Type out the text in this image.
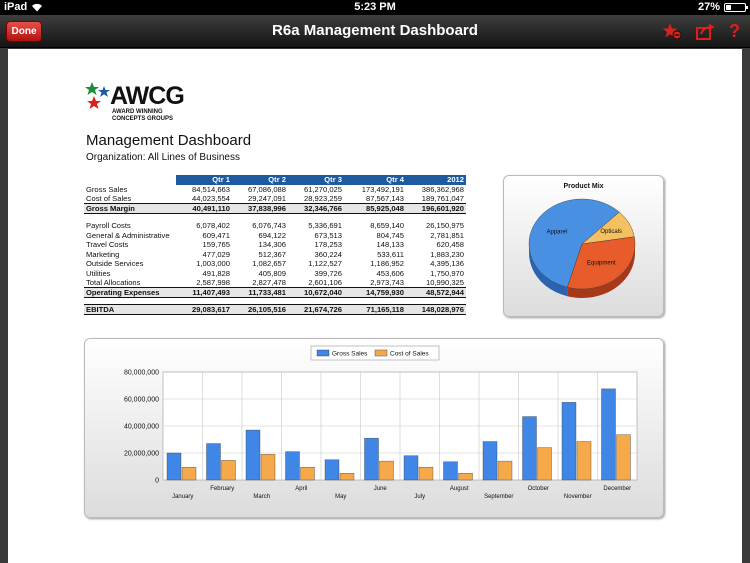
iPad	5:23 PM	27%
Done	R6a Management Dashboard	?
AWCG
AWARD WINNING CONCEPTS GROUPS
Management Dashboard
Organization: All Lines of Business
	Qtr 1	Qtr 2	Qtr 3	Qtr 4	2012
Gross Sales	84,514,663	67,086,088	61,270,025	173,492,191	386,362,968
Cost of Sales	44,023,554	29,247,091	28,923,259	87,567,143	189,761,047
Gross Margin	40,491,110	37,838,996	32,346,766	85,925,048	196,601,920

Payroll Costs	6,078,402	6,076,743	5,336,691	8,659,140	26,150,975
General & Administrative	609,471	694,122	673,513	804,745	2,781,851
Travel Costs	159,765	134,306	178,253	148,133	620,458
Marketing	477,029	512,367	360,224	533,611	1,883,230
Outside Services	1,003,000	1,082,657	1,122,527	1,186,952	4,395,136
Utilities	491,828	405,809	399,726	453,606	1,750,970
Total Allocations	2,587,998	2,827,478	2,601,106	2,973,743	10,990,325
Operating Expenses	11,407,493	11,733,481	10,672,040	14,759,930	48,572,944

EBITDA	29,083,617	26,105,516	21,674,726	71,165,118	148,028,976
Product Mix
Apparel	Opticals
Equipment
Gross Sales	Cost of Sales
0
20,000,000
40,000,000
60,000,000
80,000,000
January
February
March
April
May
June
July
August
September
October
November
December
